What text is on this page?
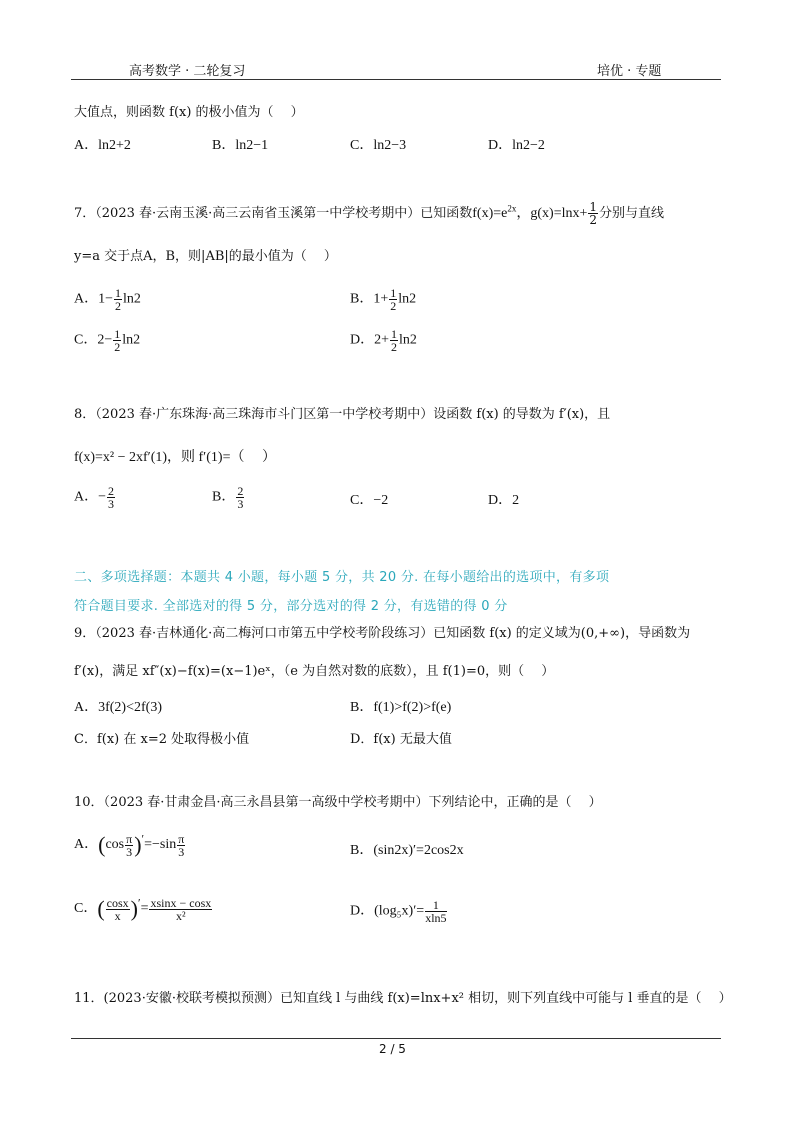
高考数学 · 二轮复习	培优 · 专题
大值点，则函数 f(x) 的极小值为（　 ）
A．ln2+2	B．ln2−1	C．ln2−3	D．ln2−2
7．（2023 春·云南玉溪·高三云南省玉溪第一中学校考期中）已知函数$f(x)=e^{2x}$，$g(x)=\ln x+ \frac{1}{2}$ 分别与直线
y=a 交于点A，B，则|AB|的最小值为（　 ）
A．$1- \frac{1}{2} \ln 2$	B．$1+ \frac{1}{2} \ln 2$
C．$2- \frac{1}{2} \ln 2$	D．$2+ \frac{1}{2} \ln 2$
8．（2023 春·广东珠海·高三珠海市斗门区第一中学校考期中）设函数 f(x) 的导数为 f′(x)，且
f(x)=x² − 2xf′(1)，则 f′(1)=（　 ）
A．− $\frac{2}{3}$	B． $\frac{2}{3}$	C．−2	D．2
二、多项选择题：本题共 4 小题，每小题 5 分，共 20 分. 在每小题给出的选项中，有多项
符合题目要求. 全部选对的得 5 分，部分选对的得 2 分，有选错的得 0 分
9．（2023 春·吉林通化·高二梅河口市第五中学校考阶段练习）已知函数 f(x) 的定义域为(0,+∞)，导函数为
f′(x)，满足 xf″(x)−f(x)=(x−1)eˣ，（e 为自然对数的底数），且 f(1)=0，则（　 ）
A．3f(2)<2f(3)	B．f(1)>f(2)>f(e)
C．f(x) 在 x=2 处取得极小值	D．f(x) 无最大值
10．（2023 春·甘肃金昌·高三永昌县第一高级中学校考期中）下列结论中，正确的是（　 ）
A．$(\cos \frac{\pi}{3} )'=-\sin \frac{\pi}{3}$	B．(sin2x)′=2cos2x
C．( $\frac{\cos x}{x} )'= \frac{xsinx - \cos x}{\text{x²}}$	D．$(\log_5x)'= \frac{1}{xln5}$
11．(2023·安徽·校联考模拟预测）已知直线 l 与曲线 f(x)=lnx+x² 相切，则下列直线中可能与 l 垂直的是（　 ）
2 / 5
